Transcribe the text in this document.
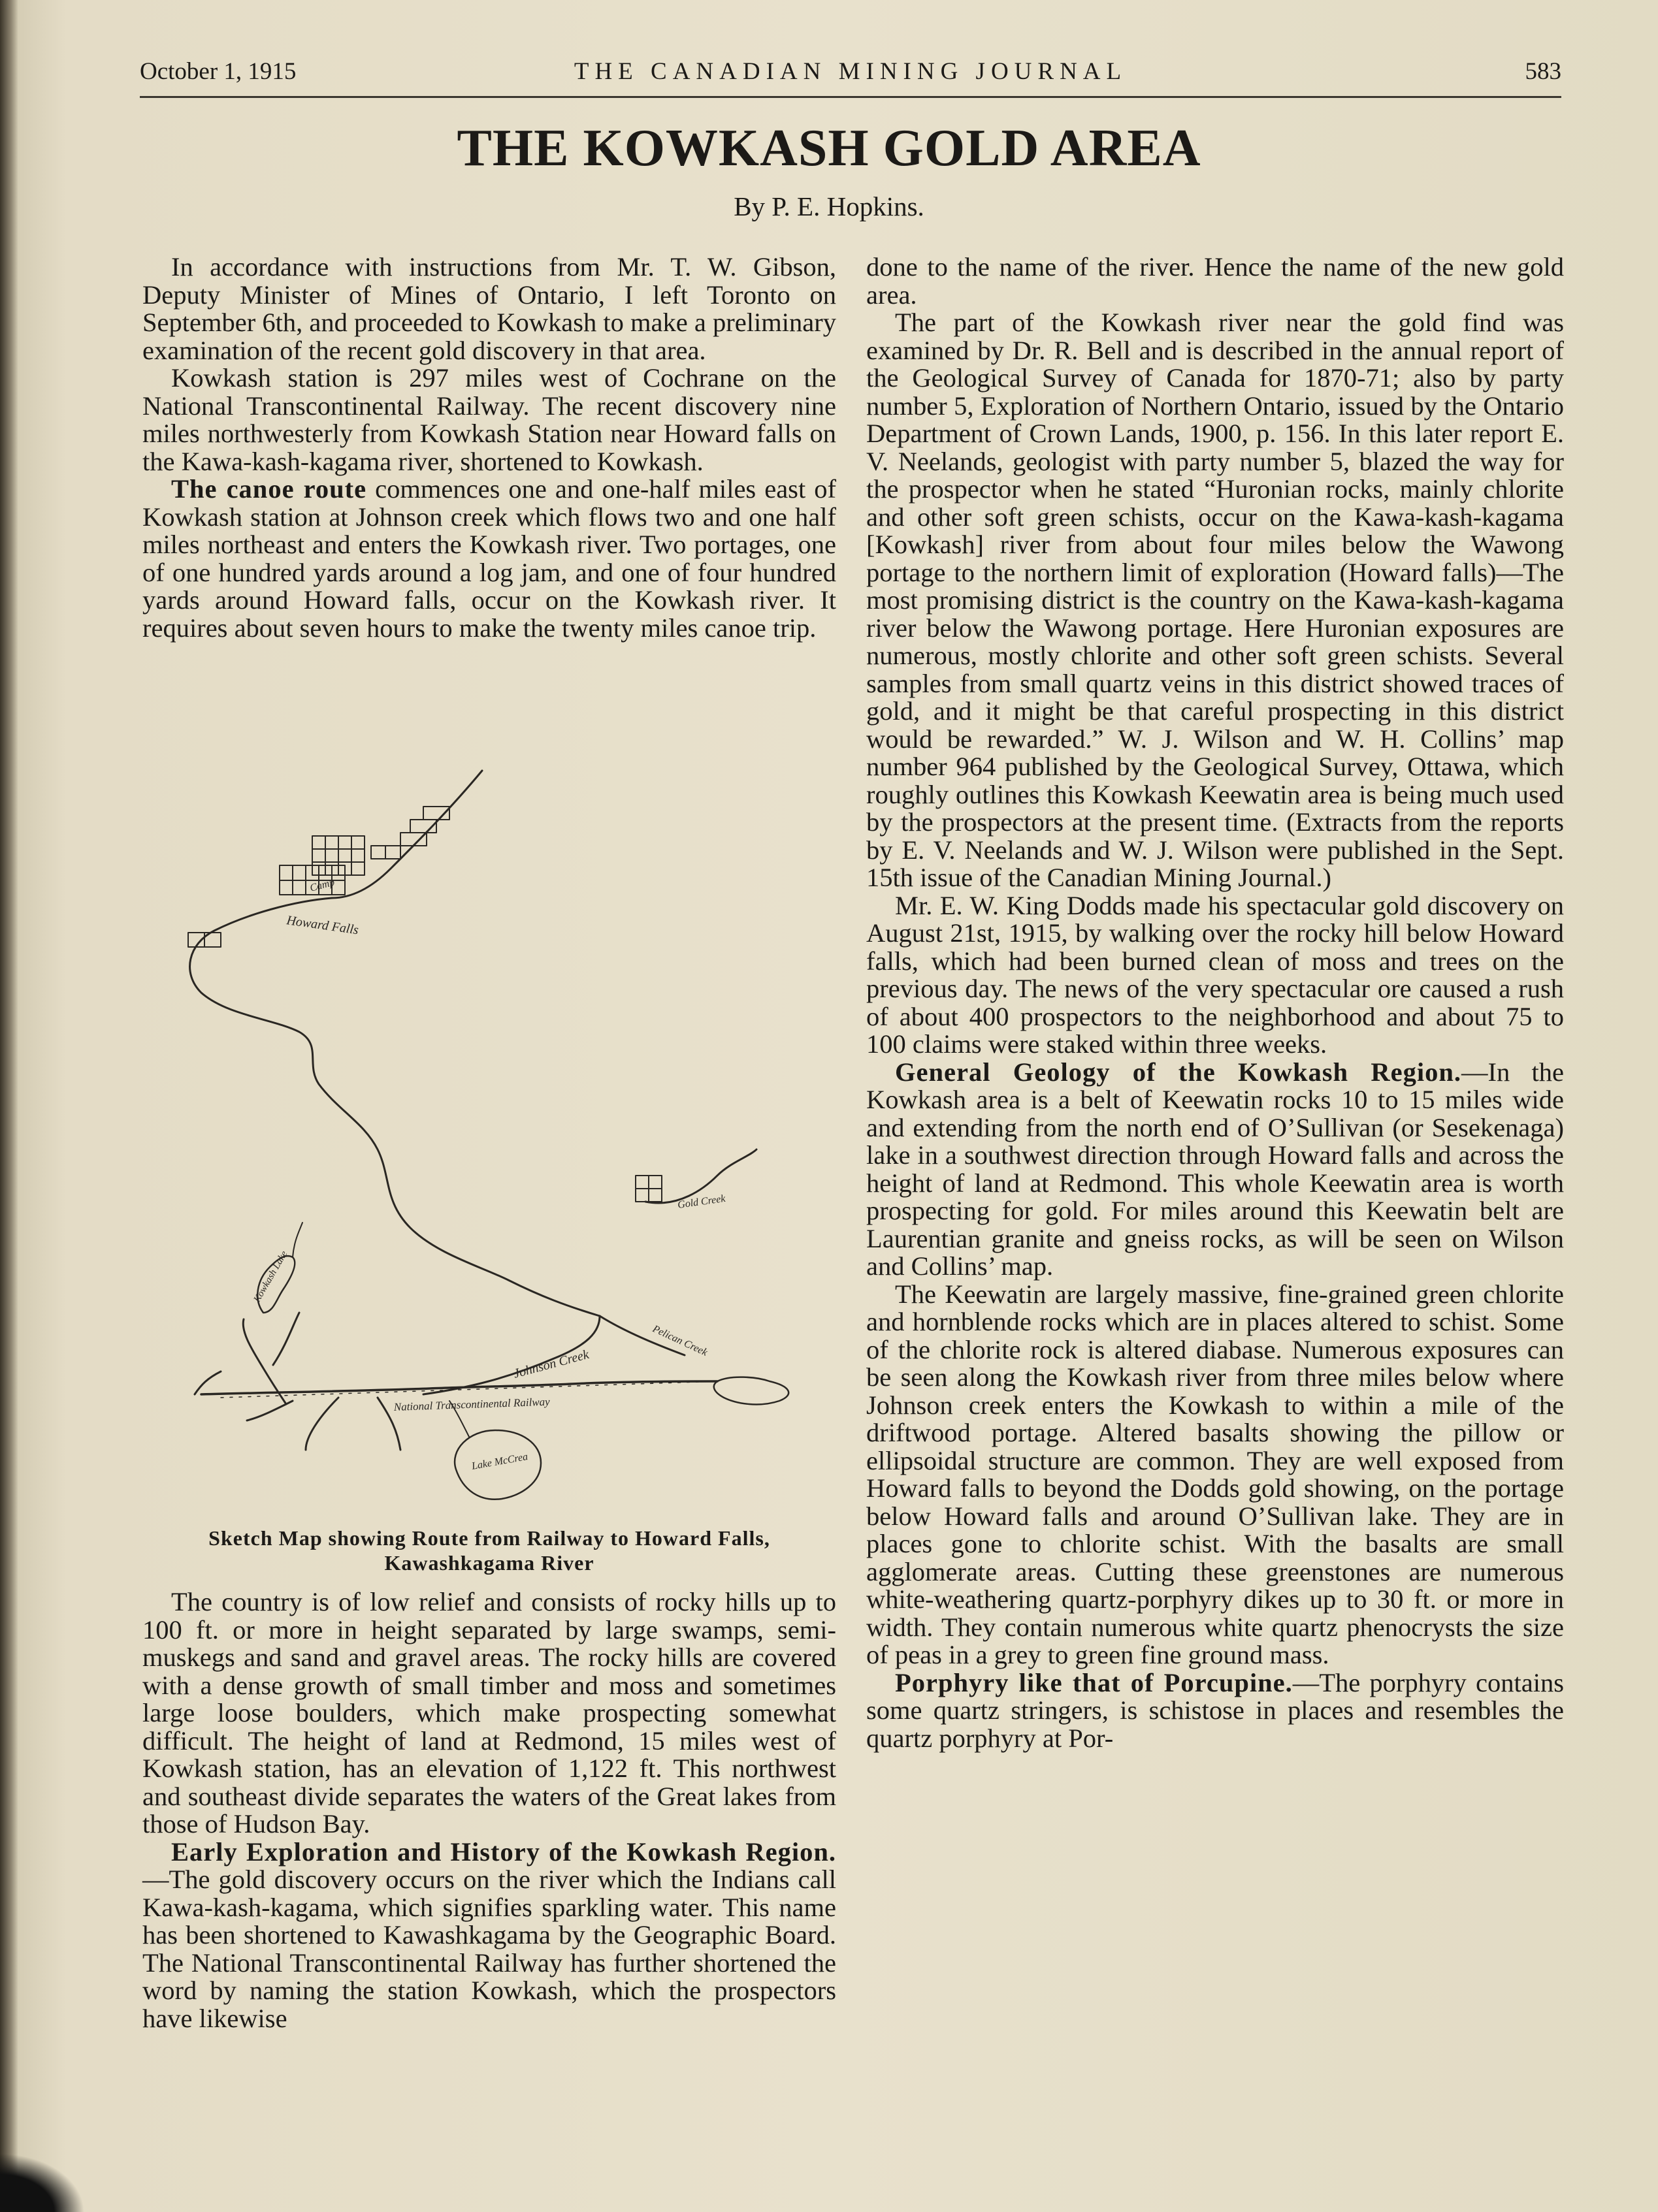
October 1, 1915	THE CANADIAN MINING JOURNAL	583
THE KOWKASH GOLD AREA
By P. E. Hopkins.

In accordance with instructions from Mr. T. W. Gibson, Deputy Minister of Mines of Ontario, I left Toronto on September 6th, and proceeded to Kowkash to make a preliminary examination of the recent gold discovery in that area.

Kowkash station is 297 miles west of Cochrane on the National Transcontinental Railway. The recent discovery nine miles northwesterly from Kowkash Station near Howard falls on the Kawa-kash-kagama river, shortened to Kowkash.

The canoe route commences one and one-half miles east of Kowkash station at Johnson creek which flows two and one half miles northeast and enters the Kowkash river. Two portages, one of one hundred yards around a log jam, and one of four hundred yards around Howard falls, occur on the Kowkash river. It requires about seven hours to make the twenty miles canoe trip.

Howard Falls
Camp
Gold Creek
Pelican Creek
Johnson Creek
National Transcontinental Railway
Lake McCrea
Kowkash Lake
Sketch Map showing Route from Railway to Howard Falls, Kawashkagama River

The country is of low relief and consists of rocky hills up to 100 ft. or more in height separated by large swamps, semi-muskegs and sand and gravel areas. The rocky hills are covered with a dense growth of small timber and moss and sometimes large loose boulders, which make prospecting somewhat difficult. The height of land at Redmond, 15 miles west of Kowkash station, has an elevation of 1,122 ft. This northwest and southeast divide separates the waters of the Great lakes from those of Hudson Bay.

Early Exploration and History of the Kowkash Region.—The gold discovery occurs on the river which the Indians call Kawa-kash-kagama, which signifies sparkling water. This name has been shortened to Kawashkagama by the Geographic Board. The National Transcontinental Railway has further shortened the word by naming the station Kowkash, which the prospectors have likewise

done to the name of the river. Hence the name of the new gold area.

The part of the Kowkash river near the gold find was examined by Dr. R. Bell and is described in the annual report of the Geological Survey of Canada for 1870-71; also by party number 5, Exploration of Northern Ontario, issued by the Ontario Department of Crown Lands, 1900, p. 156. In this later report E. V. Neelands, geologist with party number 5, blazed the way for the prospector when he stated “Huronian rocks, mainly chlorite and other soft green schists, occur on the Kawa-kash-kagama [Kowkash] river from about four miles below the Wawong portage to the northern limit of exploration (Howard falls)—The most promising district is the country on the Kawa-kash-kagama river below the Wawong portage. Here Huronian exposures are numerous, mostly chlorite and other soft green schists. Several samples from small quartz veins in this district showed traces of gold, and it might be that careful prospecting in this district would be rewarded.” W. J. Wilson and W. H. Collins’ map number 964 published by the Geological Survey, Ottawa, which roughly outlines this Kowkash Keewatin area is being much used by the prospectors at the present time. (Extracts from the reports by E. V. Neelands and W. J. Wilson were published in the Sept. 15th issue of the Canadian Mining Journal.)

Mr. E. W. King Dodds made his spectacular gold discovery on August 21st, 1915, by walking over the rocky hill below Howard falls, which had been burned clean of moss and trees on the previous day. The news of the very spectacular ore caused a rush of about 400 prospectors to the neighborhood and about 75 to 100 claims were staked within three weeks.

General Geology of the Kowkash Region.—In the Kowkash area is a belt of Keewatin rocks 10 to 15 miles wide and extending from the north end of O’Sullivan (or Sesekenaga) lake in a southwest direction through Howard falls and across the height of land at Redmond. This whole Keewatin area is worth prospecting for gold. For miles around this Keewatin belt are Laurentian granite and gneiss rocks, as will be seen on Wilson and Collins’ map.

The Keewatin are largely massive, fine-grained green chlorite and hornblende rocks which are in places altered to schist. Some of the chlorite rock is altered diabase. Numerous exposures can be seen along the Kowkash river from three miles below where Johnson creek enters the Kowkash to within a mile of the driftwood portage. Altered basalts showing the pillow or ellipsoidal structure are common. They are well exposed from Howard falls to beyond the Dodds gold showing, on the portage below Howard falls and around O’Sullivan lake. They are in places gone to chlorite schist. With the basalts are small agglomerate areas. Cutting these greenstones are numerous white-weathering quartz-porphyry dikes up to 30 ft. or more in width. They contain numerous white quartz phenocrysts the size of peas in a grey to green fine ground mass.

Porphyry like that of Porcupine.—The porphyry contains some quartz stringers, is schistose in places and resembles the quartz porphyry at Por-
